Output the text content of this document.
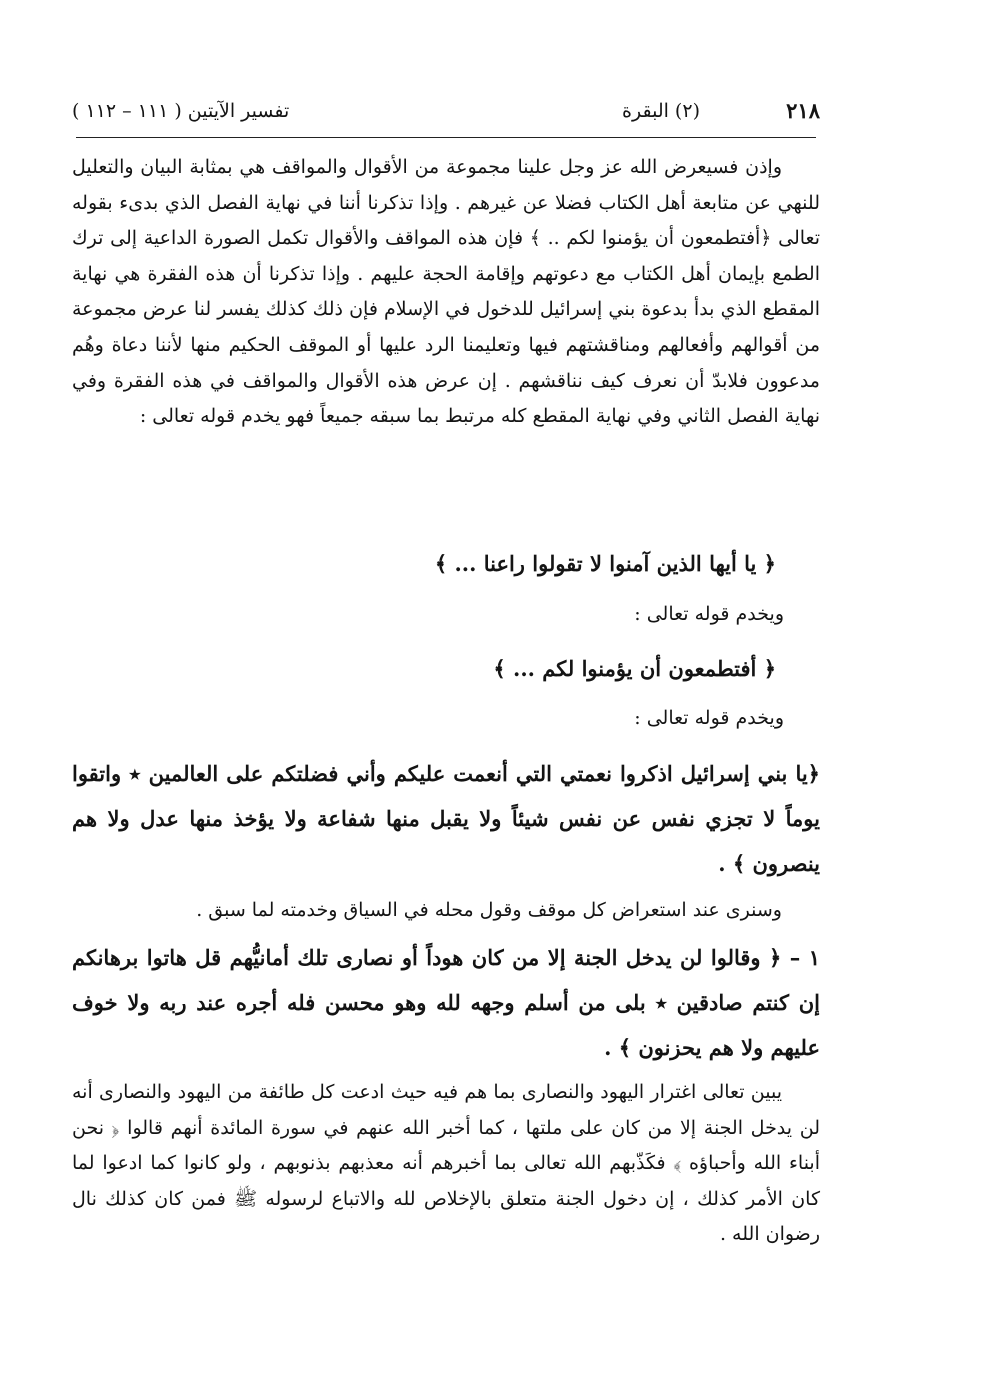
٢١٨
(٢) البقرة
تفسير الآيتين ( ١١١ – ١١٢ )

وإذن فسيعرض الله عز وجل علينا مجموعة من الأقوال والمواقف هي بمثابة البيان والتعليل للنهي عن متابعة أهل الكتاب فضلا عن غيرهم . وإذا تذكرنا أننا في نهاية الفصل الذي بدىء بقوله تعالى ﴿أفتطمعون أن يؤمنوا لكم .. ﴾ فإن هذه المواقف والأقوال تكمل الصورة الداعية إلى ترك الطمع بإيمان أهل الكتاب مع دعوتهم وإقامة الحجة عليهم . وإذا تذكرنا أن هذه الفقرة هي نهاية المقطع الذي بدأ بدعوة بني إسرائيل للدخول في الإسلام فإن ذلك كذلك يفسر لنا عرض مجموعة من أقوالهم وأفعالهم ومناقشتهم فيها وتعليمنا الرد عليها أو الموقف الحكيم منها لأننا دعاة وهُم مدعوون فلابدّ أن نعرف كيف نناقشهم . إن عرض هذه الأقوال والمواقف في هذه الفقرة وفي نهاية الفصل الثاني وفي نهاية المقطع كله مرتبط بما سبقه جميعاً فهو يخدم قوله تعالى :

﴿ يا أيها الذين آمنوا لا تقولوا راعنا ... ﴾

ويخدم قوله تعالى :

﴿ أفتطمعون أن يؤمنوا لكم ... ﴾

ويخدم قوله تعالى :

﴿يا بني إسرائيل اذكروا نعمتي التي أنعمت عليكم وأني فضلتكم على العالمين ٭ واتقوا يوماً لا تجزي نفس عن نفس شيئاً ولا يقبل منها شفاعة ولا يؤخذ منها عدل ولا هم ينصرون ﴾ .

وسنرى عند استعراض كل موقف وقول محله في السياق وخدمته لما سبق .

١ – ﴿ وقالوا لن يدخل الجنة إلا من كان هوداً أو نصارى تلك أمانيُّهم قل هاتوا برهانكم إن كنتم صادقين ٭ بلى من أسلم وجهه لله وهو محسن فله أجره عند ربه ولا خوف عليهم ولا هم يحزنون ﴾ .

يبين تعالى اغترار اليهود والنصارى بما هم فيه حيث ادعت كل طائفة من اليهود والنصارى أنه لن يدخل الجنة إلا من كان على ملتها ، كما أخبر الله عنهم في سورة المائدة أنهم قالوا ﴿ نحن أبناء الله وأحباؤه ﴾ فكَذّبهم الله تعالى بما أخبرهم أنه معذبهم بذنوبهم ، ولو كانوا كما ادعوا لما كان الأمر كذلك ، إن دخول الجنة متعلق بالإخلاص لله والاتباع لرسوله ﷺ فمن كان كذلك نال رضوان الله .
